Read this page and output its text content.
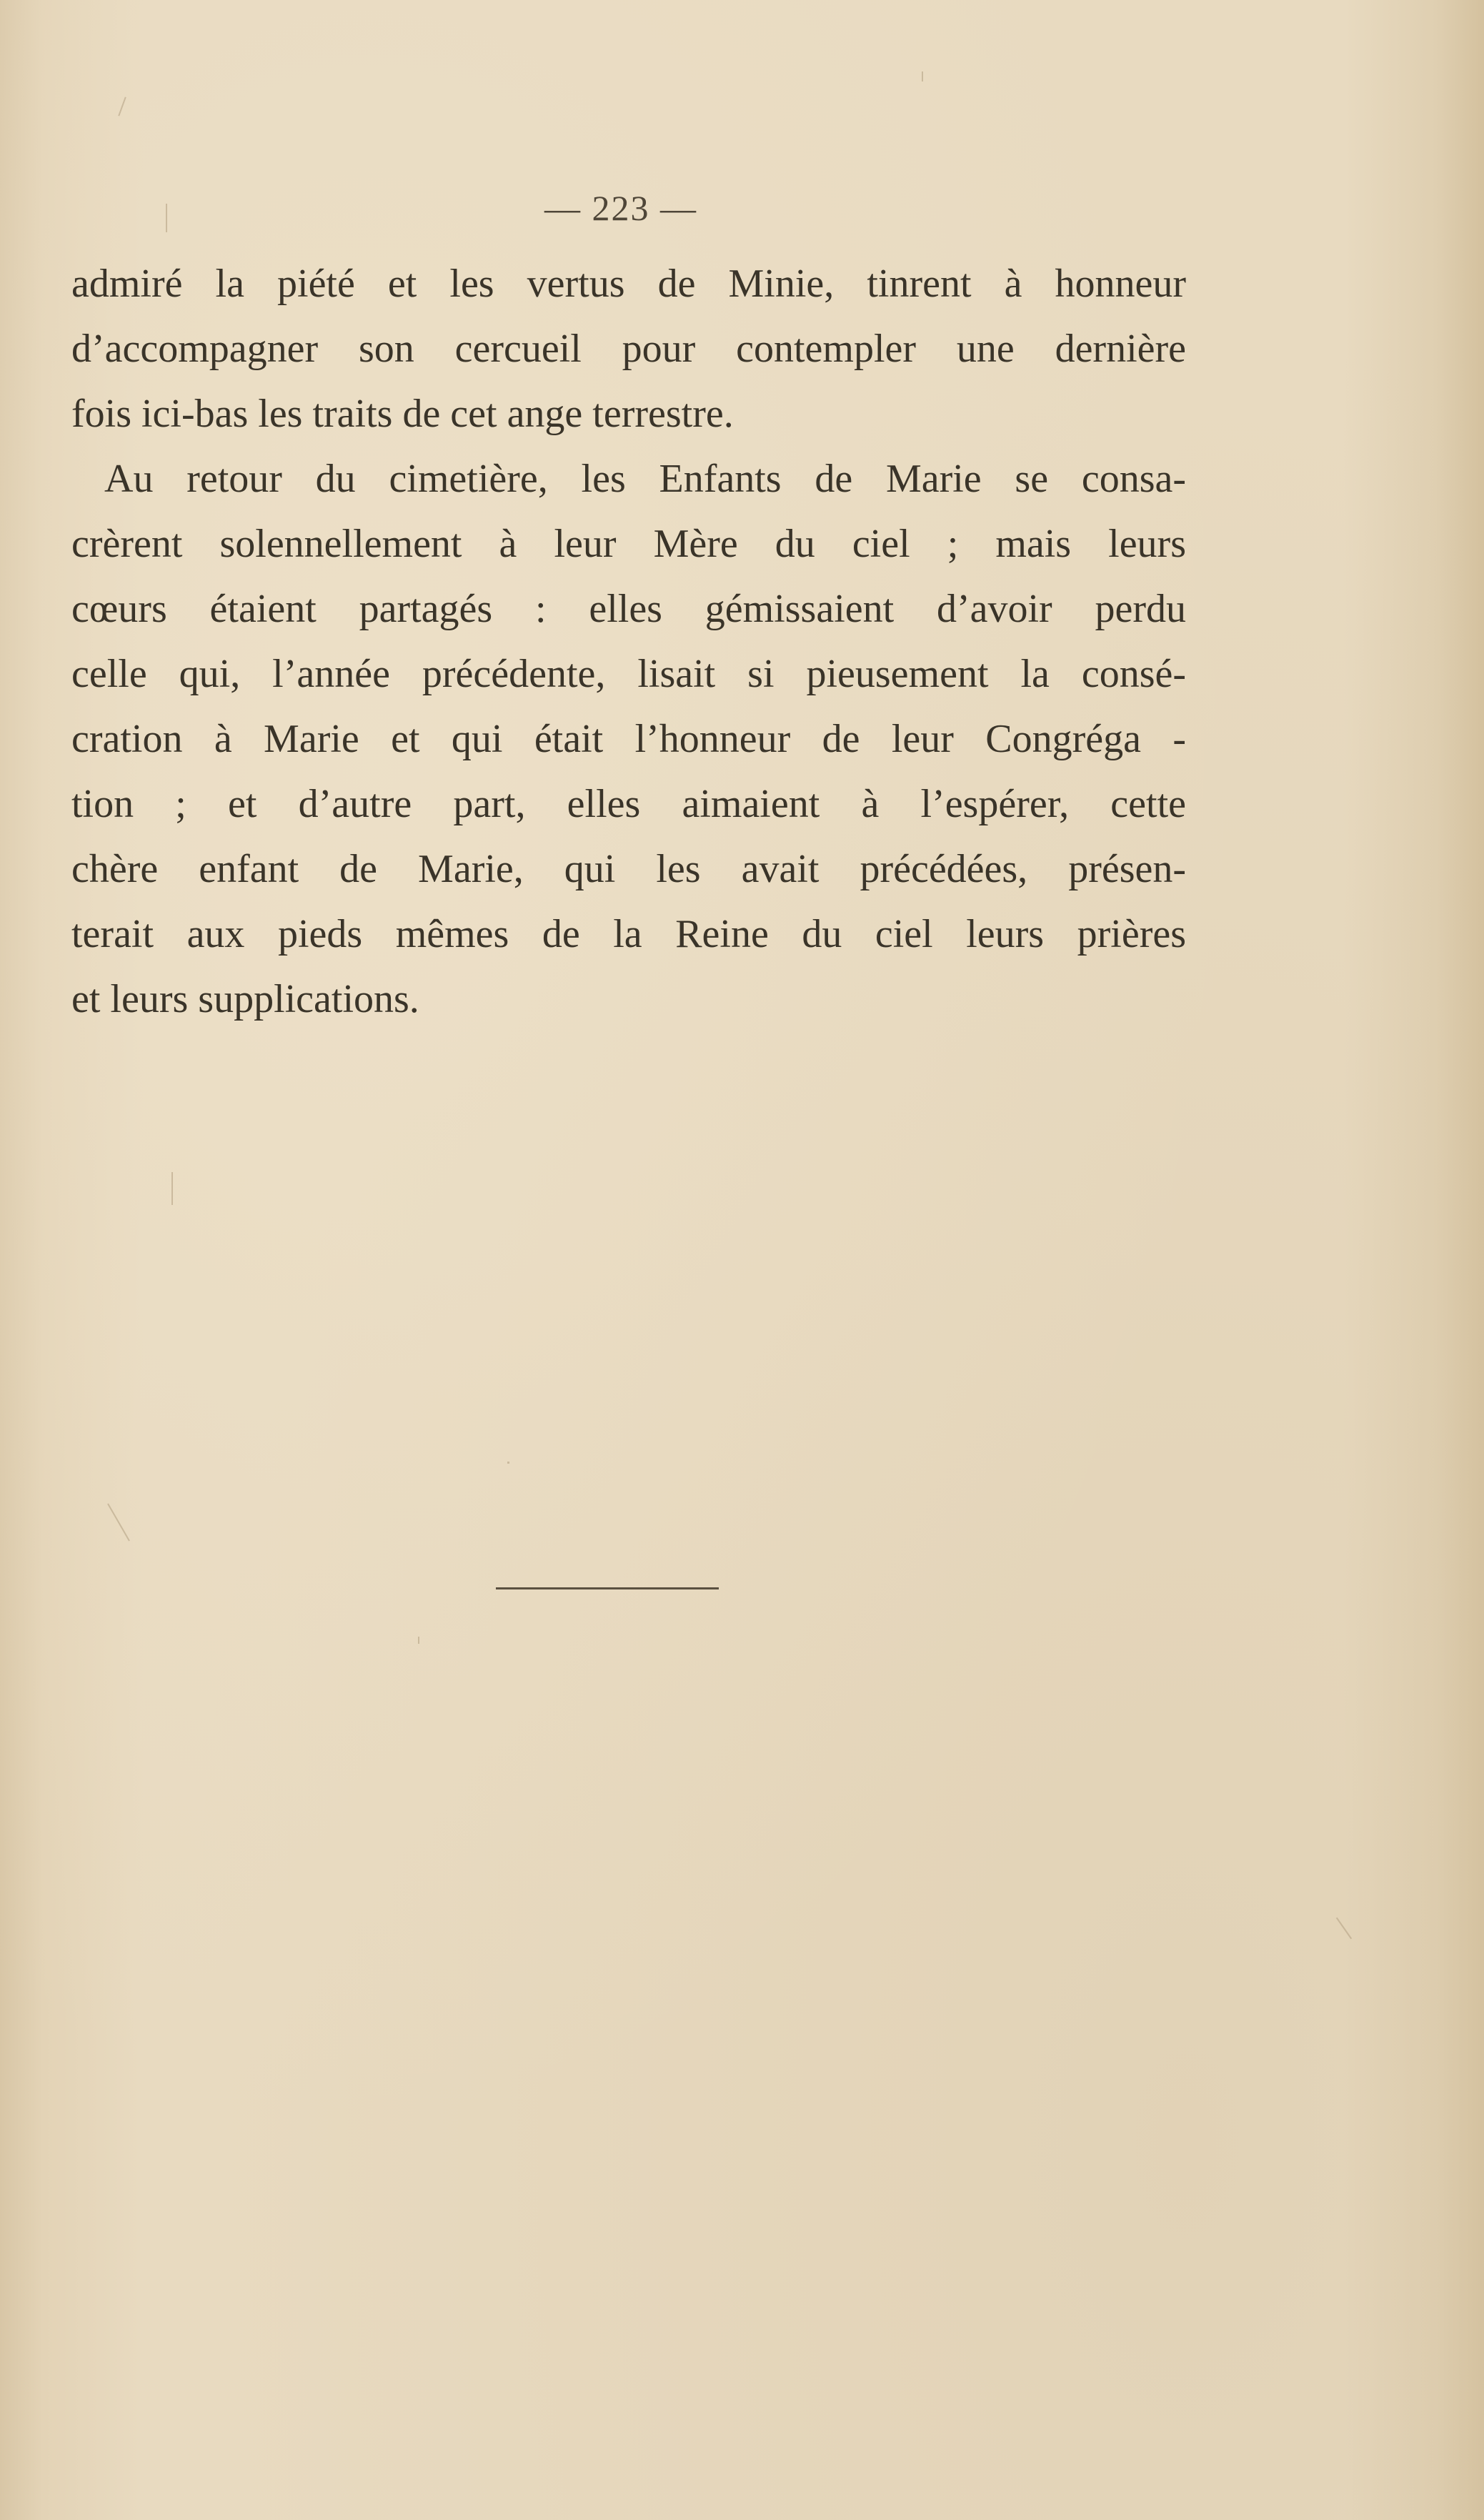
— 223 —
admiré la piété et les vertus de Minie, tinrent à honneur
d’accompagner son cercueil pour contempler une dernière
fois ici-bas les traits de cet ange terrestre.
Au retour du cimetière, les Enfants de Marie se consa-
crèrent solennellement à leur Mère du ciel ; mais leurs
cœurs étaient partagés : elles gémissaient d’avoir perdu
celle qui, l’année précédente, lisait si pieusement la consé-
cration à Marie et qui était l’honneur de leur Congréga -
tion ; et d’autre part, elles aimaient à l’espérer, cette
chère enfant de Marie, qui les avait précédées, présen-
terait aux pieds mêmes de la Reine du ciel leurs prières
et leurs supplications.
